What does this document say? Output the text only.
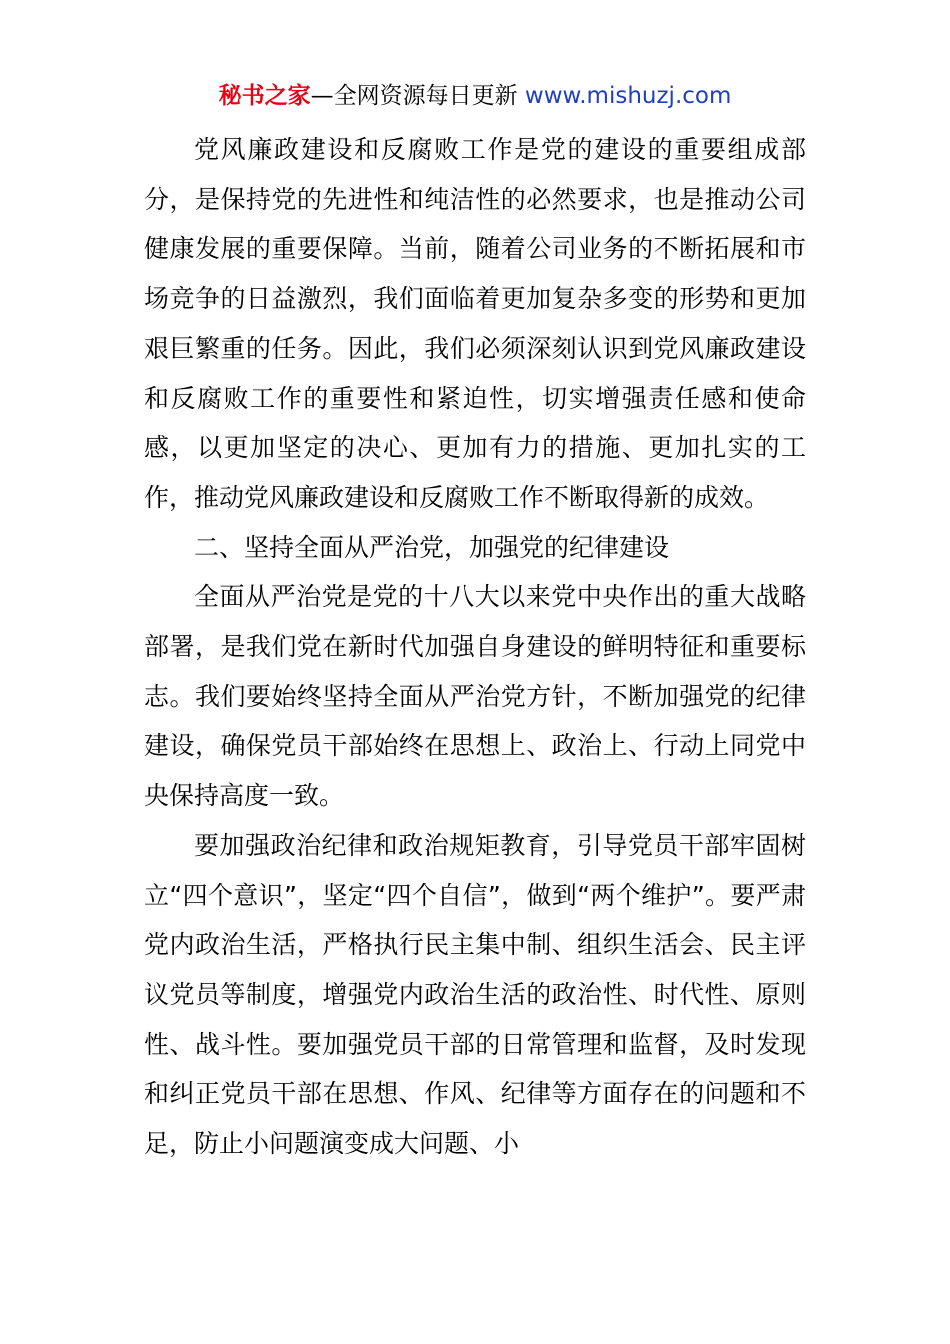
秘书之家—全网资源每日更新 www.mishuzj.com

党风廉政建设和反腐败工作是党的建设的重要组成部分，是保持党的先进性和纯洁性的必然要求，也是推动公司健康发展的重要保障。当前，随着公司业务的不断拓展和市场竞争的日益激烈，我们面临着更加复杂多变的形势和更加艰巨繁重的任务。因此，我们必须深刻认识到党风廉政建设和反腐败工作的重要性和紧迫性，切实增强责任感和使命感，以更加坚定的决心、更加有力的措施、更加扎实的工作，推动党风廉政建设和反腐败工作不断取得新的成效。

二、坚持全面从严治党，加强党的纪律建设

全面从严治党是党的十八大以来党中央作出的重大战略部署，是我们党在新时代加强自身建设的鲜明特征和重要标志。我们要始终坚持全面从严治党方针，不断加强党的纪律建设，确保党员干部始终在思想上、政治上、行动上同党中央保持高度一致。

要加强政治纪律和政治规矩教育，引导党员干部牢固树立“四个意识”，坚定“四个自信”，做到“两个维护”。要严肃党内政治生活，严格执行民主集中制、组织生活会、民主评议党员等制度，增强党内政治生活的政治性、时代性、原则性、战斗性。要加强党员干部的日常管理和监督，及时发现和纠正党员干部在思想、作风、纪律等方面存在的问题和不足，防止小问题演变成大问题、小
